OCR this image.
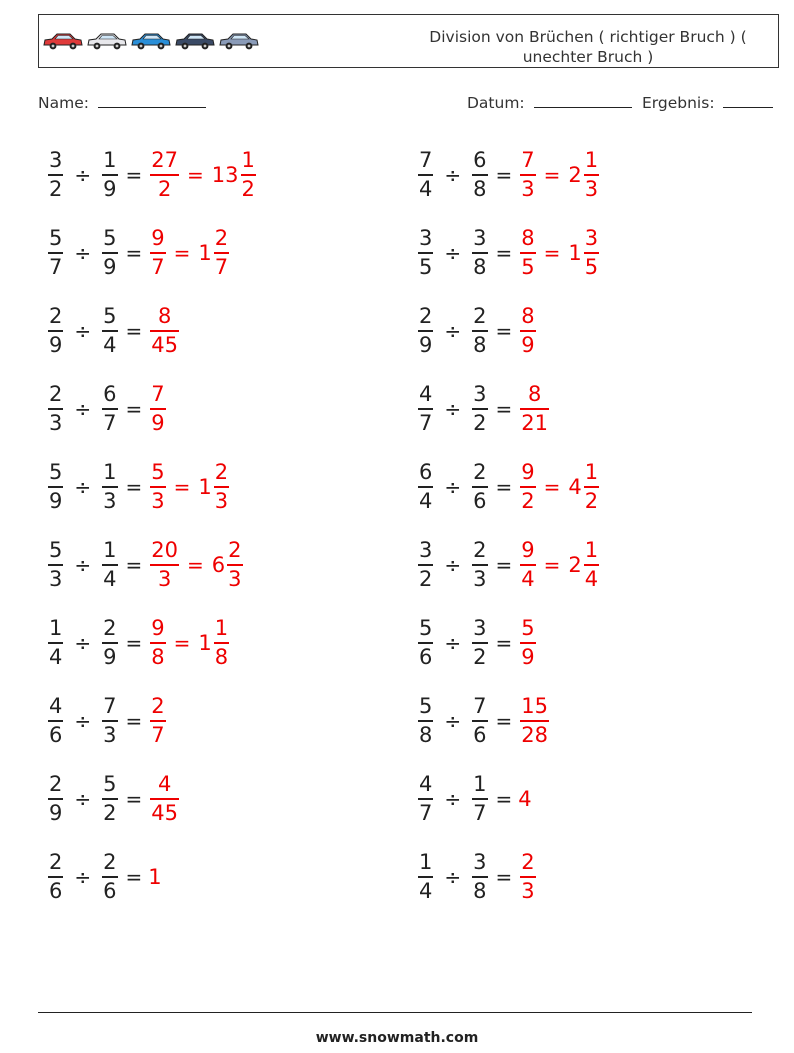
Division von Brüchen ( richtiger Bruch ) ( unechter Bruch )
Name:	Datum:	Ergebnis:
$\frac{3}{2} \div \frac{1}{9} = \frac{27}{2} = 13 \frac{1}{2}$
$\frac{5}{7} \div \frac{5}{9} = \frac{9}{7} = 1 \frac{2}{7}$
$\frac{2}{9} \div \frac{5}{4} = \frac{8}{45}$
$\frac{2}{3} \div \frac{6}{7} = \frac{7}{9}$
$\frac{5}{9} \div \frac{1}{3} = \frac{5}{3} = 1 \frac{2}{3}$
$\frac{5}{3} \div \frac{1}{4} = \frac{20}{3} = 6 \frac{2}{3}$
$\frac{1}{4} \div \frac{2}{9} = \frac{9}{8} = 1 \frac{1}{8}$
$\frac{4}{6} \div \frac{7}{3} = \frac{2}{7}$
$\frac{2}{9} \div \frac{5}{2} = \frac{4}{45}$
$\frac{2}{6} \div \frac{2}{6} = 1$
$\frac{7}{4} \div \frac{6}{8} = \frac{7}{3} = 2 \frac{1}{3}$
$\frac{3}{5} \div \frac{3}{8} = \frac{8}{5} = 1 \frac{3}{5}$
$\frac{2}{9} \div \frac{2}{8} = \frac{8}{9}$
$\frac{4}{7} \div \frac{3}{2} = \frac{8}{21}$
$\frac{6}{4} \div \frac{2}{6} = \frac{9}{2} = 4 \frac{1}{2}$
$\frac{3}{2} \div \frac{2}{3} = \frac{9}{4} = 2 \frac{1}{4}$
$\frac{5}{6} \div \frac{3}{2} = \frac{5}{9}$
$\frac{5}{8} \div \frac{7}{6} = \frac{15}{28}$
$\frac{4}{7} \div \frac{1}{7} = 4$
$\frac{1}{4} \div \frac{3}{8} = \frac{2}{3}$
www.snowmath.com
